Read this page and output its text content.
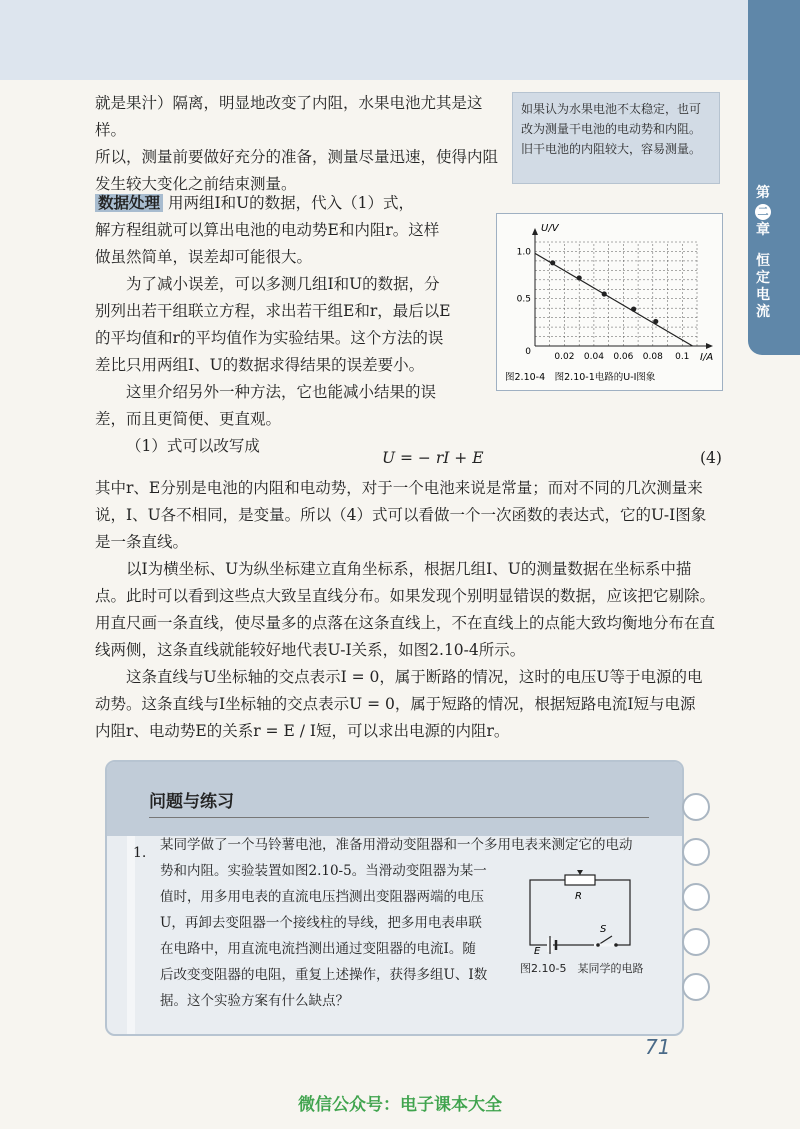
第
二
章
恒定电流

就是果汁）隔离，明显地改变了内阻，水果电池尤其是这样。

所以，测量前要做好充分的准备，测量尽量迅速，使得内阻

发生较大变化之前结束测量。

如果认为水果电池不太稳定，也可改为测量干电池的电动势和内阻。旧干电池的内阻较大，容易测量。

数据处理 用两组I和U的数据，代入（1）式，

解方程组就可以算出电池的电动势E和内阻r。这样

做虽然简单，误差却可能很大。

为了减小误差，可以多测几组I和U的数据，分

别列出若干组联立方程，求出若干组E和r，最后以E

的平均值和r的平均值作为实验结果。这个方法的误

差比只用两组I、U的数据求得结果的误差要小。

这里介绍另外一种方法，它也能减小结果的误

差，而且更简便、更直观。

（1）式可以改写成

U/V
I/A
0
0.5
1.0
0.02 0.04 0.06 0.08 0.1
图2.10-4　图2.10-1电路的U-I图象
U = − rI + E	(4)

其中r、E分别是电池的内阻和电动势，对于一个电池来说是常量；而对不同的几次测量来

说，I、U各不相同，是变量。所以（4）式可以看做一个一次函数的表达式，它的U-I图象

是一条直线。

以I为横坐标、U为纵坐标建立直角坐标系，根据几组I、U的测量数据在坐标系中描

点。此时可以看到这些点大致呈直线分布。如果发现个别明显错误的数据，应该把它剔除。

用直尺画一条直线，使尽量多的点落在这条直线上，不在直线上的点能大致均衡地分布在直

线两侧，这条直线就能较好地代表U-I关系，如图2.10-4所示。

这条直线与U坐标轴的交点表示I = 0，属于断路的情况，这时的电压U等于电源的电

动势。这条直线与I坐标轴的交点表示U = 0，属于短路的情况，根据短路电流I短与电源

内阻r、电动势E的关系r = E / I短，可以求出电源的内阻r。

问题与练习
1. 某同学做了一个马铃薯电池，准备用滑动变阻器和一个多用电表来测定它的电动
势和内阻。实验装置如图2.10-5。当滑动变阻器为某一
值时，用多用电表的直流电压挡测出变阻器两端的电压
U，再卸去变阻器一个接线柱的导线，把多用电表串联
在电路中，用直流电流挡测出通过变阻器的电流I。随
后改变变阻器的电阻，重复上述操作，获得多组U、I数
据。这个实验方案有什么缺点？
R
E
S
图2.10-5　某同学的电路
71
微信公众号：电子课本大全
